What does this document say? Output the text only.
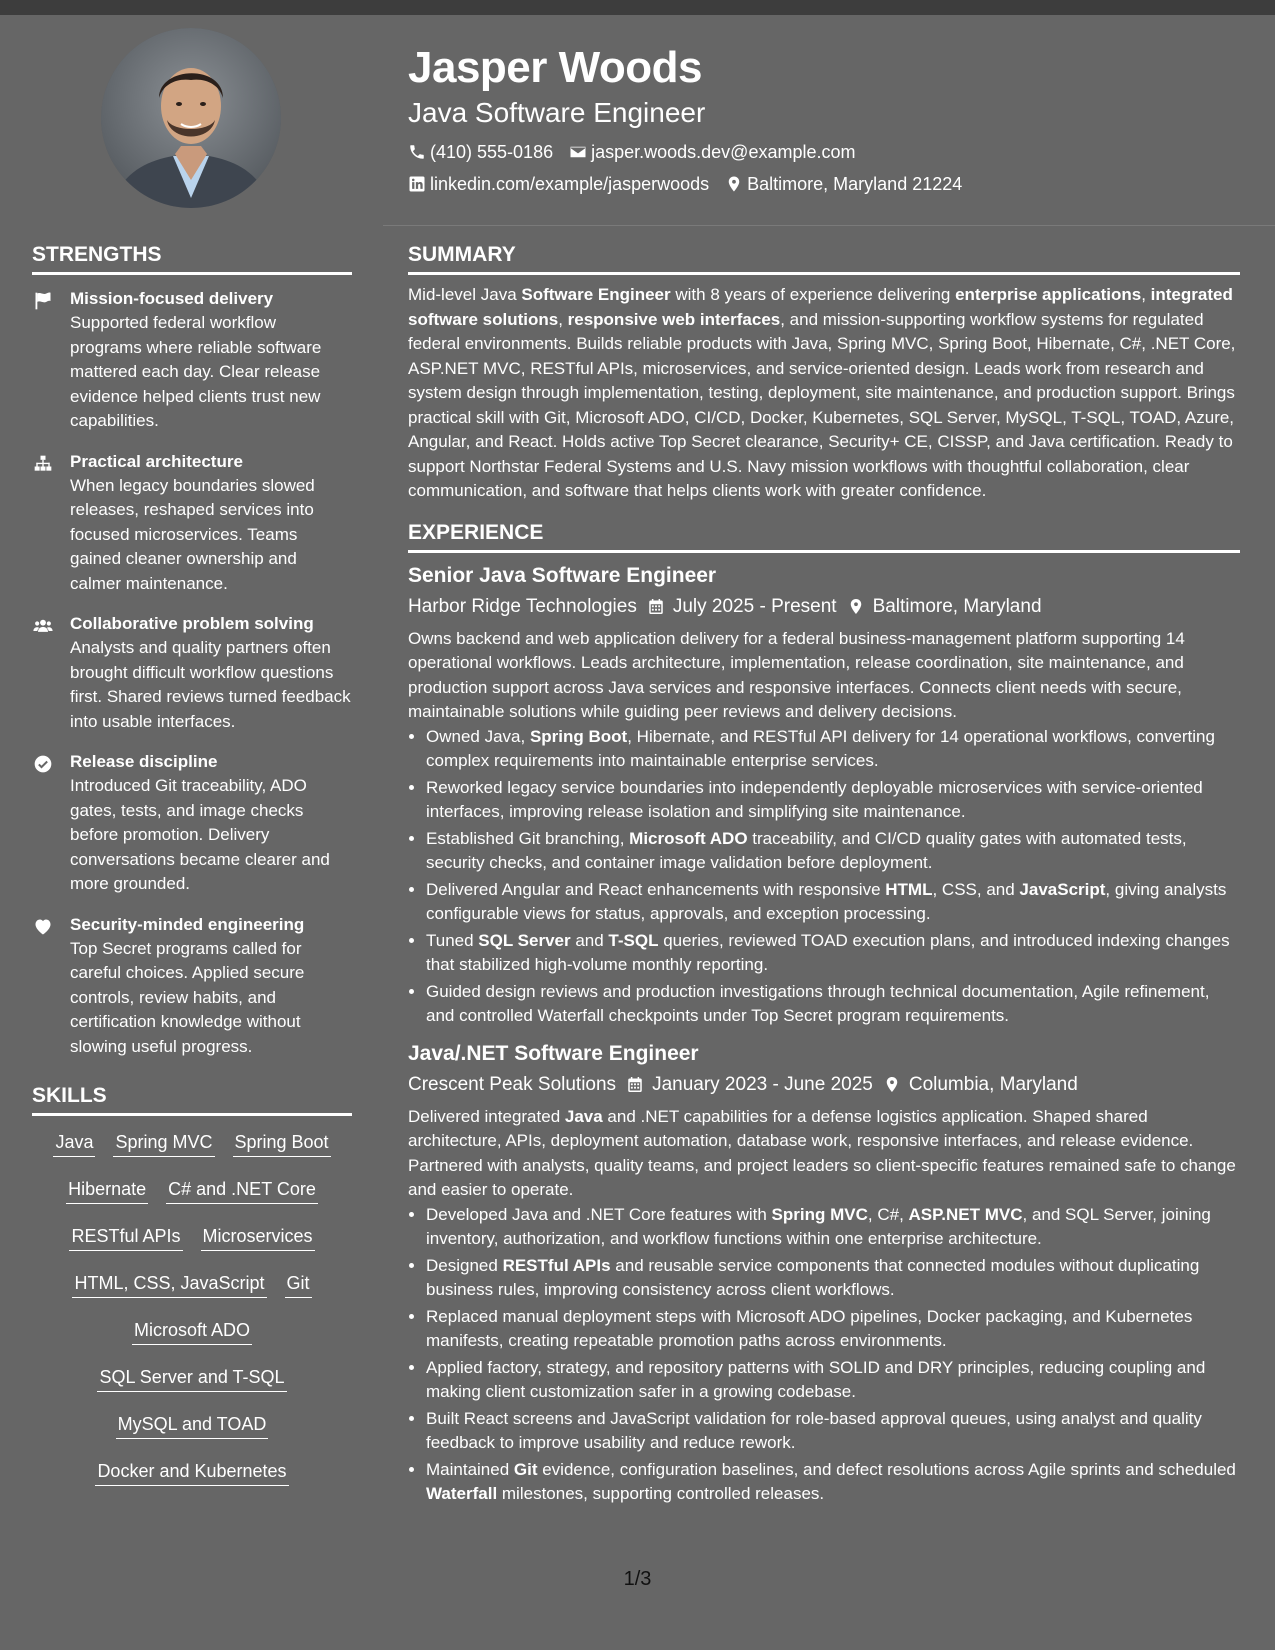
Jasper Woods
Java Software Engineer
(410) 555-0186 jasper.woods.dev@example.com
linkedin.com/example/jasperwoods Baltimore, Maryland 21224
STRENGTHS
Mission-focused delivery
Supported federal workflow programs where reliable software mattered each day. Clear release evidence helped clients trust new capabilities.
Practical architecture
When legacy boundaries slowed releases, reshaped services into focused microservices. Teams gained cleaner ownership and calmer maintenance.
Collaborative problem solving
Analysts and quality partners often brought difficult workflow questions first. Shared reviews turned feedback into usable interfaces.
Release discipline
Introduced Git traceability, ADO gates, tests, and image checks before promotion. Delivery conversations became clearer and more grounded.
Security-minded engineering
Top Secret programs called for careful choices. Applied secure controls, review habits, and certification knowledge without slowing useful progress.
SKILLS
Java Spring MVC Spring Boot
Hibernate C# and .NET Core
RESTful APIs Microservices
HTML, CSS, JavaScript Git
Microsoft ADO
SQL Server and T-SQL
MySQL and TOAD
Docker and Kubernetes
SUMMARY

Mid-level Java Software Engineer with 8 years of experience delivering enterprise applications, integrated software solutions, responsive web interfaces, and mission-supporting workflow systems for regulated federal environments. Builds reliable products with Java, Spring MVC, Spring Boot, Hibernate, C#, .NET Core, ASP.NET MVC, RESTful APIs, microservices, and service-oriented design. Leads work from research and system design through implementation, testing, deployment, site maintenance, and production support. Brings practical skill with Git, Microsoft ADO, CI/CD, Docker, Kubernetes, SQL Server, MySQL, T-SQL, TOAD, Azure, Angular, and React. Holds active Top Secret clearance, Security+ CE, CISSP, and Java certification. Ready to support Northstar Federal Systems and U.S. Navy mission workflows with thoughtful collaboration, clear communication, and software that helps clients work with greater confidence.

EXPERIENCE
Senior Java Software Engineer
Harbor Ridge Technologies July 2025 - Present Baltimore, Maryland

Owns backend and web application delivery for a federal business-management platform supporting 14 operational workflows. Leads architecture, implementation, release coordination, site maintenance, and production support across Java services and responsive interfaces. Connects client needs with secure, maintainable solutions while guiding peer reviews and delivery decisions.

• Owned Java, Spring Boot, Hibernate, and RESTful API delivery for 14 operational workflows, converting complex requirements into maintainable enterprise services.
• Reworked legacy service boundaries into independently deployable microservices with service-oriented interfaces, improving release isolation and simplifying site maintenance.
• Established Git branching, Microsoft ADO traceability, and CI/CD quality gates with automated tests, security checks, and container image validation before deployment.
• Delivered Angular and React enhancements with responsive HTML, CSS, and JavaScript, giving analysts configurable views for status, approvals, and exception processing.
• Tuned SQL Server and T-SQL queries, reviewed TOAD execution plans, and introduced indexing changes that stabilized high-volume monthly reporting.
• Guided design reviews and production investigations through technical documentation, Agile refinement, and controlled Waterfall checkpoints under Top Secret program requirements.
Java/.NET Software Engineer
Crescent Peak Solutions January 2023 - June 2025 Columbia, Maryland

Delivered integrated Java and .NET capabilities for a defense logistics application. Shaped shared architecture, APIs, deployment automation, database work, responsive interfaces, and release evidence. Partnered with analysts, quality teams, and project leaders so client-specific features remained safe to change and easier to operate.

• Developed Java and .NET Core features with Spring MVC, C#, ASP.NET MVC, and SQL Server, joining inventory, authorization, and workflow functions within one enterprise architecture.
• Designed RESTful APIs and reusable service components that connected modules without duplicating business rules, improving consistency across client workflows.
• Replaced manual deployment steps with Microsoft ADO pipelines, Docker packaging, and Kubernetes manifests, creating repeatable promotion paths across environments.
• Applied factory, strategy, and repository patterns with SOLID and DRY principles, reducing coupling and making client customization safer in a growing codebase.
• Built React screens and JavaScript validation for role-based approval queues, using analyst and quality feedback to improve usability and reduce rework.
• Maintained Git evidence, configuration baselines, and defect resolutions across Agile sprints and scheduled Waterfall milestones, supporting controlled releases.
1/3
